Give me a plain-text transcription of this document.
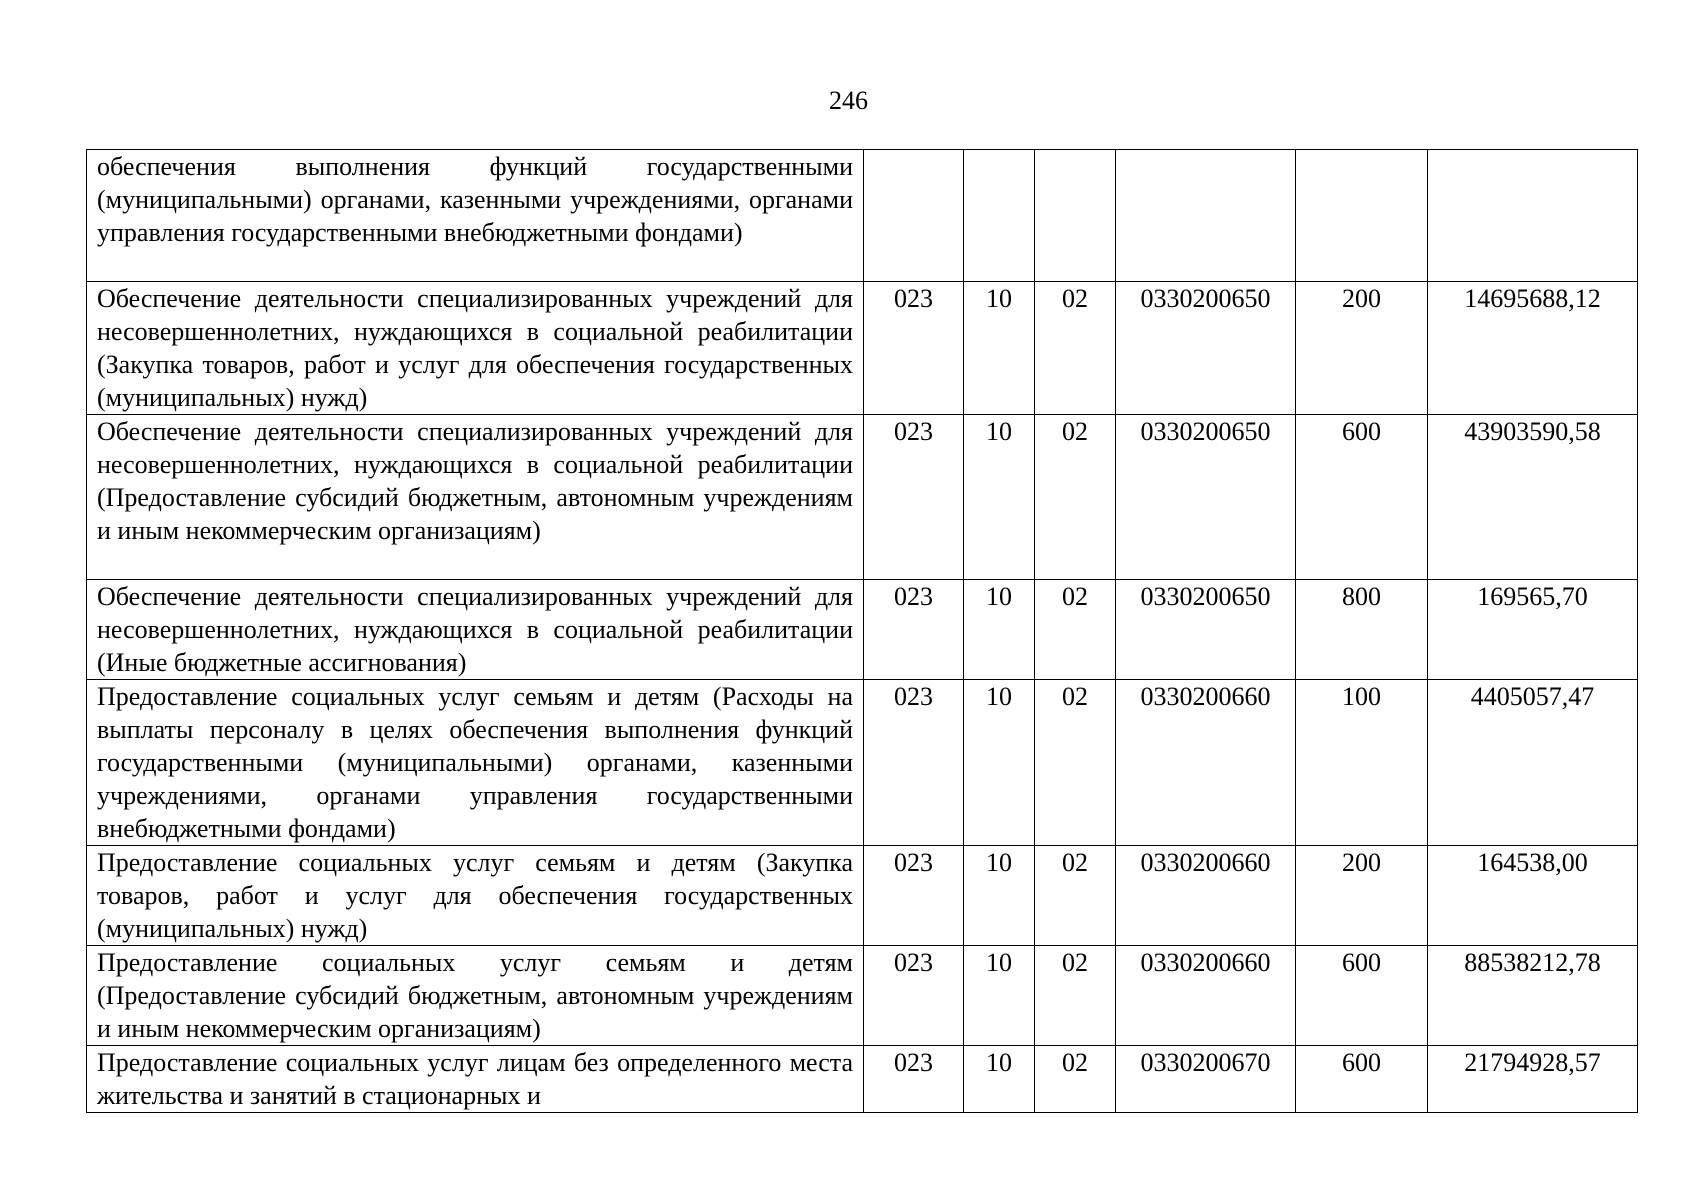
246
обеспечения выполнения функций государственными (муниципальными) органами, казенными учреждениями, органами управления государственными внебюджетными фондами)						
Обеспечение деятельности специализированных учреждений для несовершеннолетних, нуждающихся в социальной реабилитации (Закупка товаров, работ и услуг для обеспечения государственных (муниципальных) нужд)	023	10	02	0330200650	200	14695688,12
Обеспечение деятельности специализированных учреждений для несовершеннолетних, нуждающихся в социальной реабилитации (Предоставление субсидий бюджетным, автономным учреждениям и иным некоммерческим организациям)	023	10	02	0330200650	600	43903590,58
Обеспечение деятельности специализированных учреждений для несовершеннолетних, нуждающихся в социальной реабилитации (Иные бюджетные ассигнования)	023	10	02	0330200650	800	169565,70
Предоставление социальных услуг семьям и детям (Расходы на выплаты персоналу в целях обеспечения выполнения функций государственными (муниципальными) органами, казенными учреждениями, органами управления государственными внебюджетными фондами)	023	10	02	0330200660	100	4405057,47
Предоставление социальных услуг семьям и детям (Закупка товаров, работ и услуг для обеспечения государственных (муниципальных) нужд)	023	10	02	0330200660	200	164538,00
Предоставление социальных услуг семьям и детям (Предоставление субсидий бюджетным, автономным учреждениям и иным некоммерческим организациям)	023	10	02	0330200660	600	88538212,78
Предоставление социальных услуг лицам без определенного места жительства и занятий в стационарных и	023	10	02	0330200670	600	21794928,57
